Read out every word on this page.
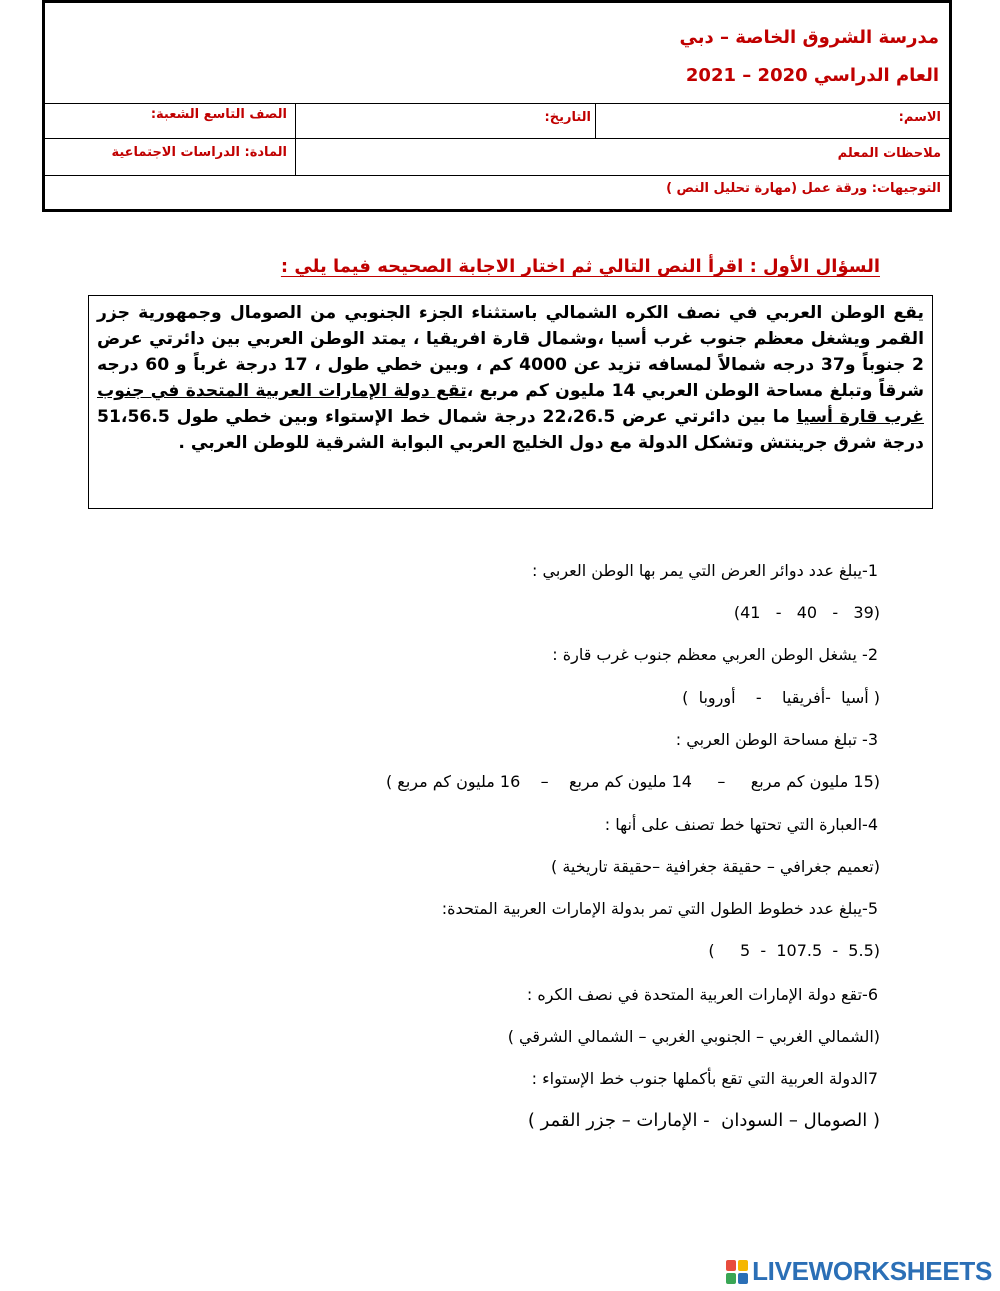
مدرسة الشروق الخاصة – دبي
العام الدراسي 2020 – 2021
الاسم:
التاريخ:
الصف التاسع الشعبة:
ملاحظات المعلم
المادة: الدراسات الاجتماعية
التوجيهات: ورقة عمل (مهارة تحليل النص )
السؤال الأول : اقرأ النص التالي ثم اختار الاجابة الصحيحه فيما يلي :
يقع الوطن العربي في نصف الكره الشمالي باستثناء الجزء الجنوبي من الصومال وجمهورية جزر القمر ويشغل معظم جنوب غرب أسيا ،وشمال قارة افريقيا ، يمتد الوطن العربي بين دائرتي عرض 2 جنوباً و37 درجه شمالاً لمسافه تزيد عن 4000 كم ، وبين خطي طول ، 17 درجة غرباً و 60 درجه شرقاً وتبلغ مساحة الوطن العربي 14 مليون كم مربع ،تقع دولة الإمارات العربية المتحدة في جنوب غرب قارة أسيا ما بين دائرتي عرض 22،26.5 درجة شمال خط الإستواء وبين خطي طول 51،56.5 درجة شرق جرينتش وتشكل الدولة مع دول الخليج العربي البوابة الشرقية للوطن العربي .
1-يبلغ عدد دوائر العرض التي يمر بها الوطن العربي :
(39   -   40   -   41)
2- يشغل الوطن العربي معظم جنوب غرب قارة :
( أسيا  -أفريقيا    -    أوروبا  )
3- تبلغ مساحة الوطن العربي :
(15 مليون كم مربع     –     14 مليون كم مربع    –    16 مليون كم مربع )
4-العبارة التي تحتها خط تصنف على أنها :
(تعميم جغرافي – حقيقة جغرافية –حقيقة تاريخية )
5-يبلغ عدد خطوط الطول التي تمر بدولة الإمارات العربية المتحدة:
(5.5  -  107.5  -  5     )
6-تقع دولة الإمارات العربية المتحدة في نصف الكره :
(الشمالي الغربي – الجنوبي الغربي – الشمالي الشرقي )
7الدولة العربية التي تقع بأكملها جنوب خط الإستواء :
( الصومال – السودان  - الإمارات – جزر القمر )
LIVEWORKSHEETS
